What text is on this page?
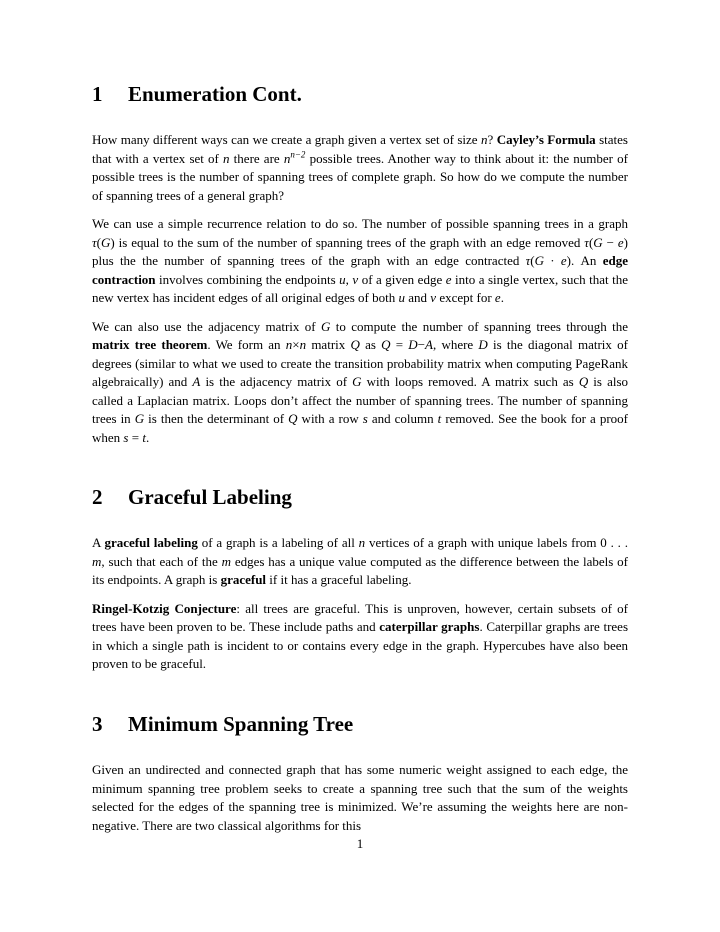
1 Enumeration Cont.

How many different ways can we create a graph given a vertex set of size n? Cayley’s Formula states that with a vertex set of n there are $n^{n-2}$ possible trees. Another way to think about it: the number of possible trees is the number of spanning trees of complete graph. So how do we compute the number of spanning trees of a general graph?

We can use a simple recurrence relation to do so. The number of possible spanning trees in a graph τ(G) is equal to the sum of the number of spanning trees of the graph with an edge removed τ(G − e) plus the the number of spanning trees of the graph with an edge contracted τ(G · e). An edge contraction involves combining the endpoints u, v of a given edge e into a single vertex, such that the new vertex has incident edges of all original edges of both u and v except for e.

We can also use the adjacency matrix of G to compute the number of spanning trees through the matrix tree theorem. We form an n×n matrix Q as Q = D−A, where D is the diagonal matrix of degrees (similar to what we used to create the transition probability matrix when computing PageRank algebraically) and A is the adjacency matrix of G with loops removed. A matrix such as Q is also called a Laplacian matrix. Loops don’t affect the number of spanning trees. The number of spanning trees in G is then the determinant of Q with a row s and column t removed. See the book for a proof when s = t.

2 Graceful Labeling

A graceful labeling of a graph is a labeling of all n vertices of a graph with unique labels from 0 . . . m, such that each of the m edges has a unique value computed as the difference between the labels of its endpoints. A graph is graceful if it has a graceful labeling.

Ringel-Kotzig Conjecture: all trees are graceful. This is unproven, however, certain subsets of of trees have been proven to be. These include paths and caterpillar graphs. Caterpillar graphs are trees in which a single path is incident to or contains every edge in the graph. Hypercubes have also been proven to be graceful.

3 Minimum Spanning Tree

Given an undirected and connected graph that has some numeric weight assigned to each edge, the minimum spanning tree problem seeks to create a spanning tree such that the sum of the weights selected for the edges of the spanning tree is minimized. We’re assuming the weights here are non-negative. There are two classical algorithms for this

1
